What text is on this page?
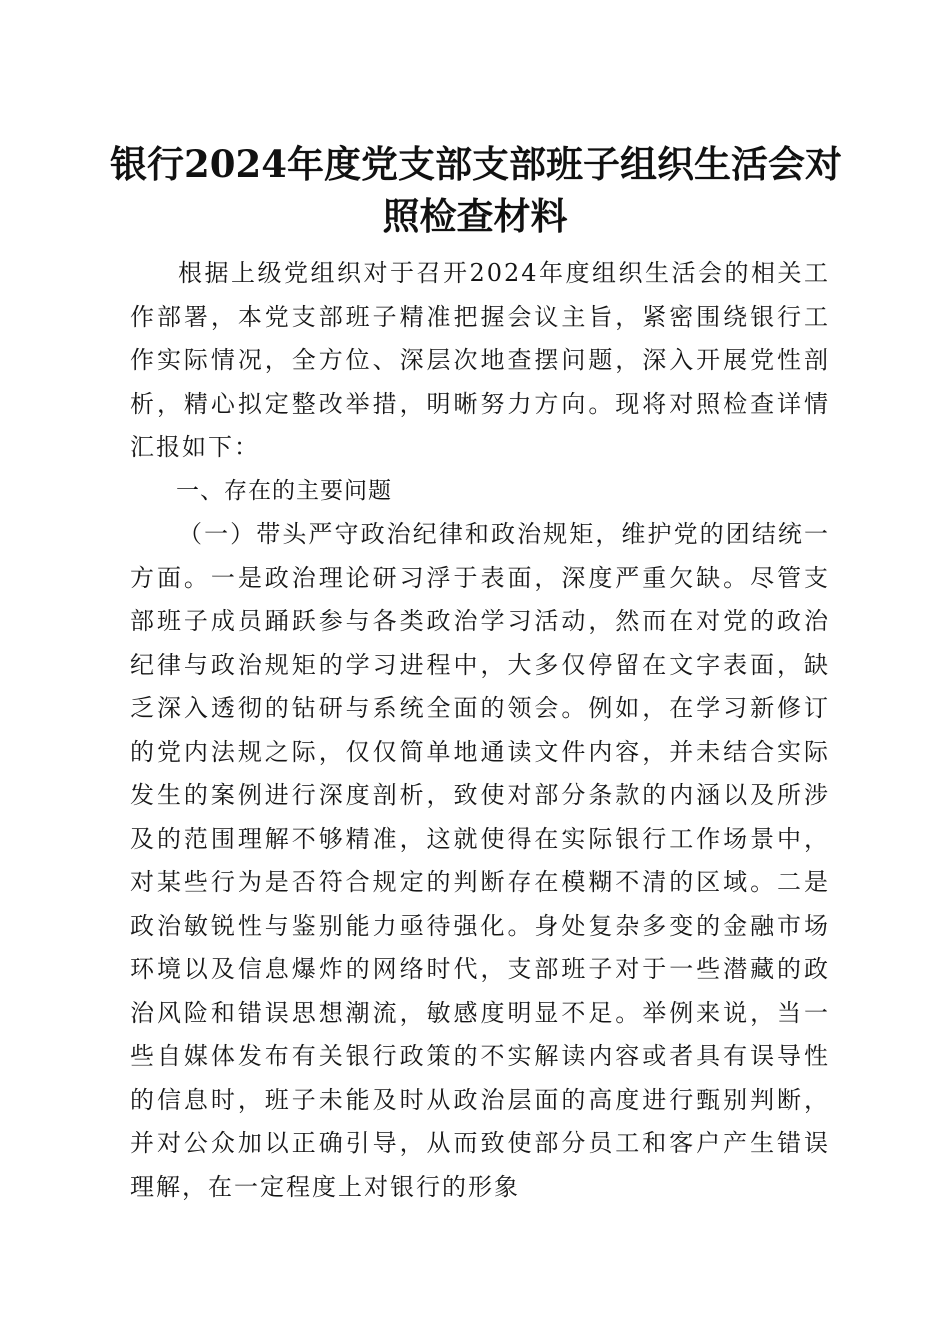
银行2024年度党支部支部班子组织生活会对
照检查材料

根据上级党组织对于召开2024年度组织生活会的相关工作部署，本党支部班子精准把握会议主旨，紧密围绕银行工作实际情况，全方位、深层次地查摆问题，深入开展党性剖析，精心拟定整改举措，明晰努力方向。现将对照检查详情汇报如下：

一、存在的主要问题

（一）带头严守政治纪律和政治规矩，维护党的团结统一方面。一是政治理论研习浮于表面，深度严重欠缺。尽管支部班子成员踊跃参与各类政治学习活动，然而在对党的政治纪律与政治规矩的学习进程中，大多仅停留在文字表面，缺乏深入透彻的钻研与系统全面的领会。例如，在学习新修订的党内法规之际，仅仅简单地通读文件内容，并未结合实际发生的案例进行深度剖析，致使对部分条款的内涵以及所涉及的范围理解不够精准，这就使得在实际银行工作场景中，对某些行为是否符合规定的判断存在模糊不清的区域。二是政治敏锐性与鉴别能力亟待强化。身处复杂多变的金融市场环境以及信息爆炸的网络时代，支部班子对于一些潜藏的政治风险和错误思想潮流，敏感度明显不足。举例来说，当一些自媒体发布有关银行政策的不实解读内容或者具有误导性的信息时，班子未能及时从政治层面的高度进行甄别判断，并对公众加以正确引导，从而致使部分员工和客户产生错误理解，在一定程度上对银行的形象
